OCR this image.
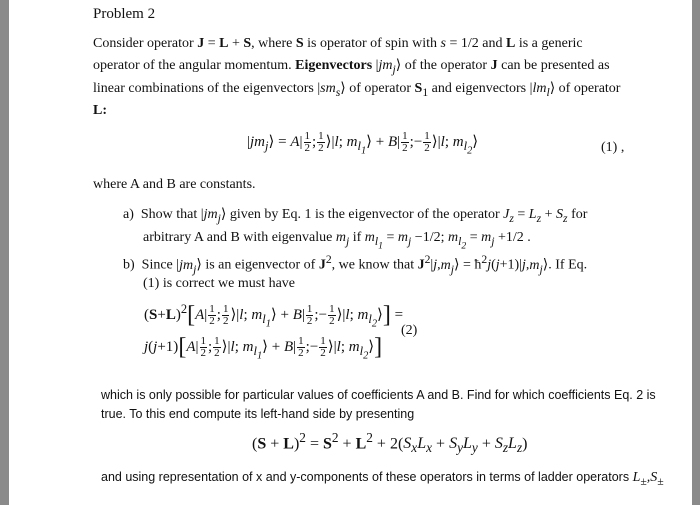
Problem 2
Consider operator J = L + S, where S is operator of spin with s = 1/2 and L is a generic
operator of the angular momentum. Eigenvectors $|jm_j⟩$ of the operator J can be presented as
linear combinations of the eigenvectors $|sm_s⟩$ of operator $S_1$ and eigenvectors $|lm_l⟩$ of operator
L:
$|jm_j⟩ = A| \frac{1}{2}$ ; $\frac{1}{2}$ ⟩|l; $m_{l_1}⟩ + B| \frac{1}{2}$ ;− $\frac{1}{2}$ ⟩|l; $m_{l_2}⟩$	(1) ,
where A and B are constants.
a) Show that $|jm_j⟩$ given by Eq. 1 is the eigenvector of the operator $J_z = L_z + S_z$ for
arbitrary A and B with eigenvalue $m_j$ if $m_{l_1} = m_j -1/2$; $m_{l_2} = m_j +1/2$ .
b) Since $|jm_j⟩$ is an eigenvector of $J^2$, we know that $J^2|j,m_j⟩$ = $ħ^2j(j+1)|j,m_j⟩$. If Eq.
(1) is correct we must have
$(S+L)^2[A| \frac{1}{2}$ ; $\frac{1}{2}$ ⟩|l; $m_{l_1}⟩ + B| \frac{1}{2}$ ;− $\frac{1}{2}$ ⟩|l; $m_{l_2}⟩$] =
$j(j+1)[A| \frac{1}{2}$ ; $\frac{1}{2}$ ⟩|l; $m_{l_1}⟩ + B| \frac{1}{2}$ ;− $\frac{1}{2}$ ⟩|l; $m_{l_2}⟩$]
(2)
which is only possible for particular values of coefficients A and B. Find for which coefficients Eq. 2 is
true. To this end compute its left-hand side by presenting
$(S + L)^2 = S^2 + L^2 + 2(S_xL_x + S_yL_y + S_zL_z)$
and using representation of x and y-components of these operators in terms of ladder operators $L_\pm,S_\pm$
